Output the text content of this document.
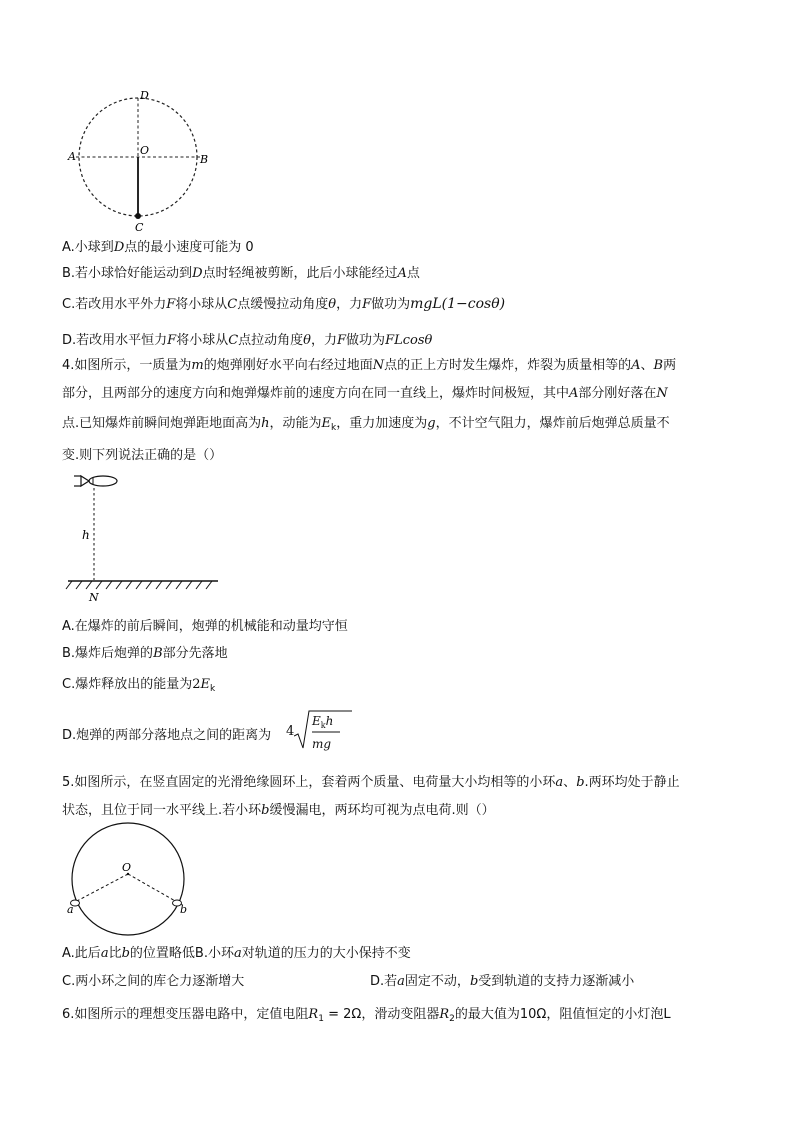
D
O
A	B
C
A.小球到D点的最小速度可能为 0
B.若小球恰好能运动到D点时轻绳被剪断，此后小球能经过A点
C.若改用水平外力F将小球从C点缓慢拉动角度θ，力F做功为mgL(1−cosθ)
D.若改用水平恒力F将小球从C点拉动角度θ，力F做功为FLcosθ
4.如图所示，一质量为m的炮弹刚好水平向右经过地面N点的正上方时发生爆炸，炸裂为质量相等的A、B两
部分，且两部分的速度方向和炮弹爆炸前的速度方向在同一直线上，爆炸时间极短，其中A部分刚好落在N
点.已知爆炸前瞬间炮弹距地面高为h，动能为$E_k$，重力加速度为g，不计空气阻力，爆炸前后炮弹总质量不
变.则下列说法正确的是（）
h
N
A.在爆炸的前后瞬间，炮弹的机械能和动量均守恒
B.爆炸后炮弹的B部分先落地
C.爆炸释放出的能量为$2E_k$
D.炮弹的两部分落地点之间的距离为 4
$E_kh$
mg
5.如图所示，在竖直固定的光滑绝缘圆环上，套着两个质量、电荷量大小均相等的小环a、b.两环均处于静止
状态，且位于同一水平线上.若小环b缓慢漏电，两环均可视为点电荷.则（）
O
a	b
A.此后a比b的位置略低B.小环a对轨道的压力的大小保持不变
C.两小环之间的库仑力逐渐增大	D.若a固定不动，b受到轨道的支持力逐渐减小
6.如图所示的理想变压器电路中，定值电阻$R_1 = 2\Omega$，滑动变阻器$R_2$的最大值为10Ω，阻值恒定的小灯泡L
